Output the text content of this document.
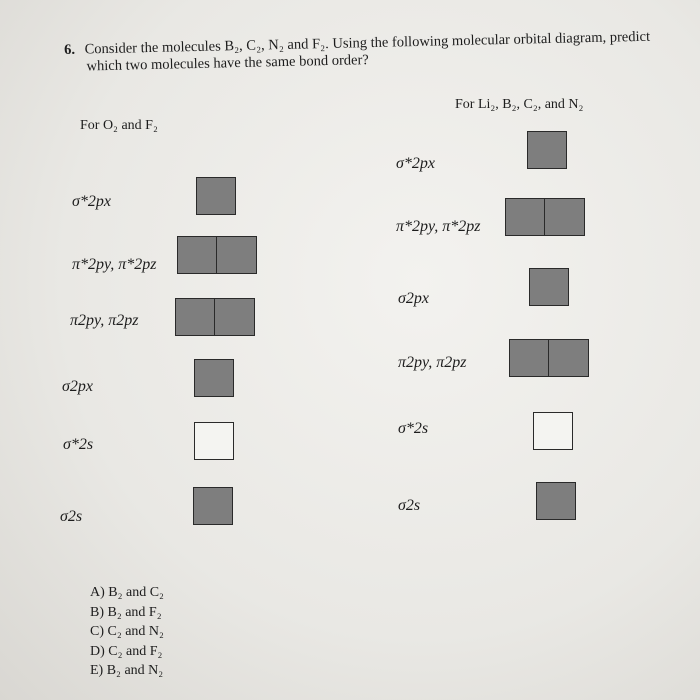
6. Consider the molecules B₂, C₂, N₂ and F₂. Using the following molecular orbital diagram, predict
which two molecules have the same bond order?
For O₂ and F₂
σ*2px
π*2py, π*2pz
π2py, π2pz
σ2px
σ*2s
σ2s
For Li₂, B₂, C₂, and N₂
σ*2px
π*2py, π*2pz
σ2px
π2py, π2pz
σ*2s
σ2s
A) B₂ and C₂
B) B₂ and F₂
C) C₂ and N₂
D) C₂ and F₂
E) B₂ and N₂
